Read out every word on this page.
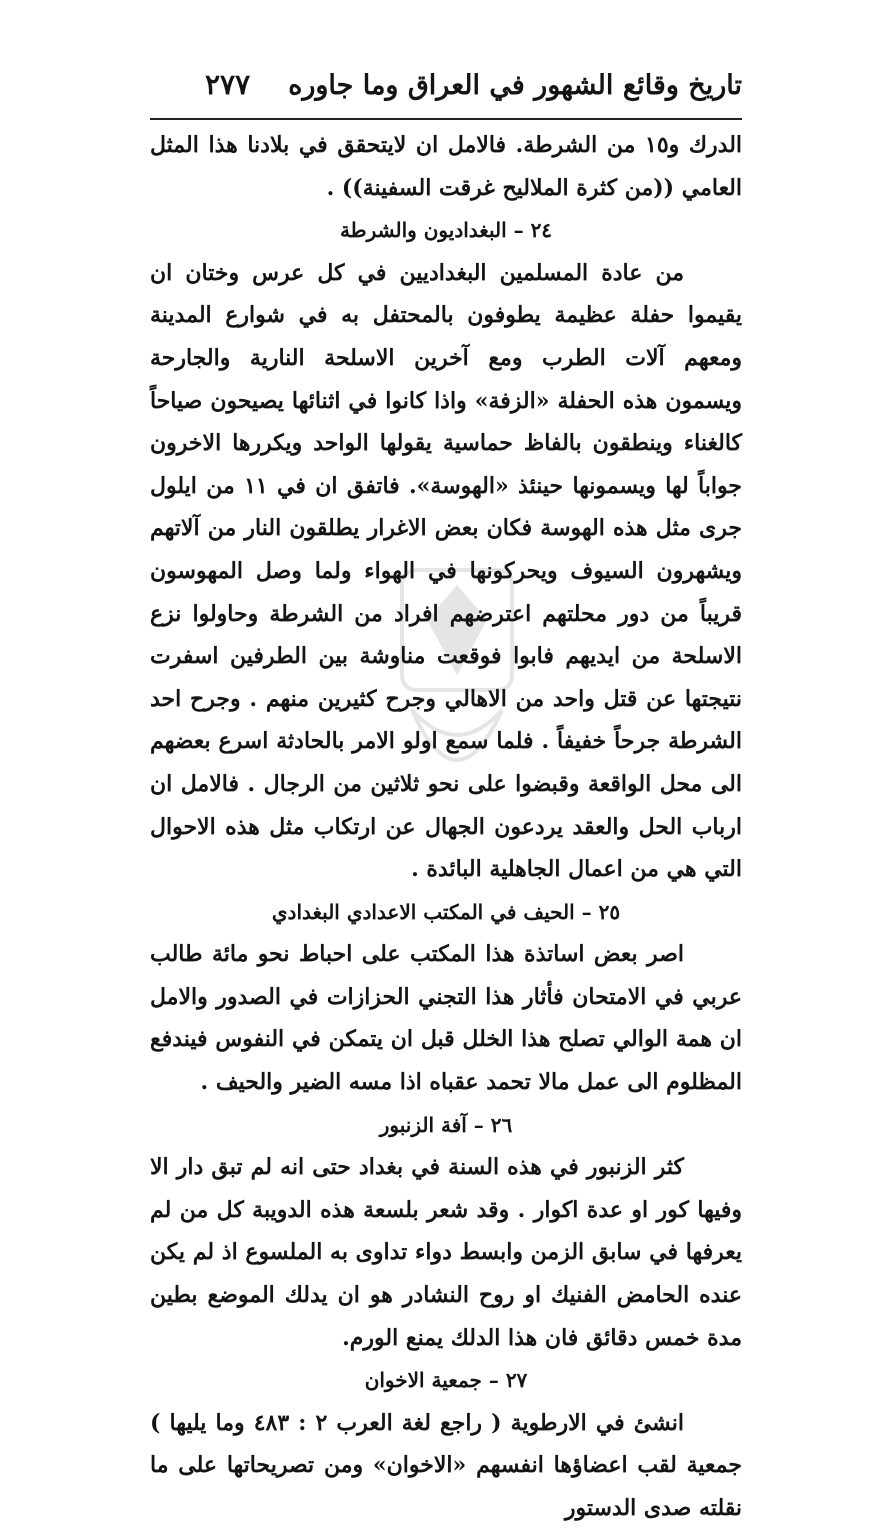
تاريخ وقائع الشهور في العراق وما جاوره
٢٧٧

الدرك و١٥ من الشرطة. فالامل ان لايتحقق في بلادنا هذا المثل العامي ((من كثرة الملاليح غرقت السفينة)) .

٢٤ – البغداديون والشرطة

من عادة المسلمين البغداديين في كل عرس وختان ان يقيموا حفلة عظيمة يطوفون بالمحتفل به في شوارع المدينة ومعهم آلات الطرب ومع آخرين الاسلحة النارية والجارحة ويسمون هذه الحفلة «الزفة» واذا كانوا في اثنائها يصيحون صياحاً كالغناء وينطقون بالفاظ حماسية يقولها الواحد ويكررها الاخرون جواباً لها ويسمونها حينئذ «الهوسة». فاتفق ان في ١١ من ايلول جرى مثل هذه الهوسة فكان بعض الاغرار يطلقون النار من آلاتهم ويشهرون السيوف ويحركونها في الهواء ولما وصل المهوسون قريباً من دور محلتهم اعترضهم افراد من الشرطة وحاولوا نزع الاسلحة من ايديهم فابوا فوقعت مناوشة بين الطرفين اسفرت نتيجتها عن قتل واحد من الاهالي وجرح كثيرين منهم . وجرح احد الشرطة جرحاً خفيفاً . فلما سمع اولو الامر بالحادثة اسرع بعضهم الى محل الواقعة وقبضوا على نحو ثلاثين من الرجال . فالامل ان ارباب الحل والعقد يردعون الجهال عن ارتكاب مثل هذه الاحوال التي هي من اعمال الجاهلية البائدة .

٢٥ – الحيف في المكتب الاعدادي البغدادي

اصر بعض اساتذة هذا المكتب على احباط نحو مائة طالب عربي في الامتحان فأثار هذا التجني الحزازات في الصدور والامل ان همة الوالي تصلح هذا الخلل قبل ان يتمكن في النفوس فيندفع المظلوم الى عمل مالا تحمد عقباه اذا مسه الضير والحيف .

٢٦ – آفة الزنبور

كثر الزنبور في هذه السنة في بغداد حتى انه لم تبق دار الا وفيها كور او عدة اكوار . وقد شعر بلسعة هذه الدويبة كل من لم يعرفها في سابق الزمن وابسط دواء تداوى به الملسوع اذ لم يكن عنده الحامض الفنيك او روح النشادر هو ان يدلك الموضع بطين مدة خمس دقائق فان هذا الدلك يمنع الورم.

٢٧ – جمعية الاخوان

انشئ في الارطوية ( راجع لغة العرب ٢ : ٤٨٣ وما يليها ) جمعية لقب اعضاؤها انفسهم «الاخوان» ومن تصريحاتها على ما نقلته صدى الدستور
